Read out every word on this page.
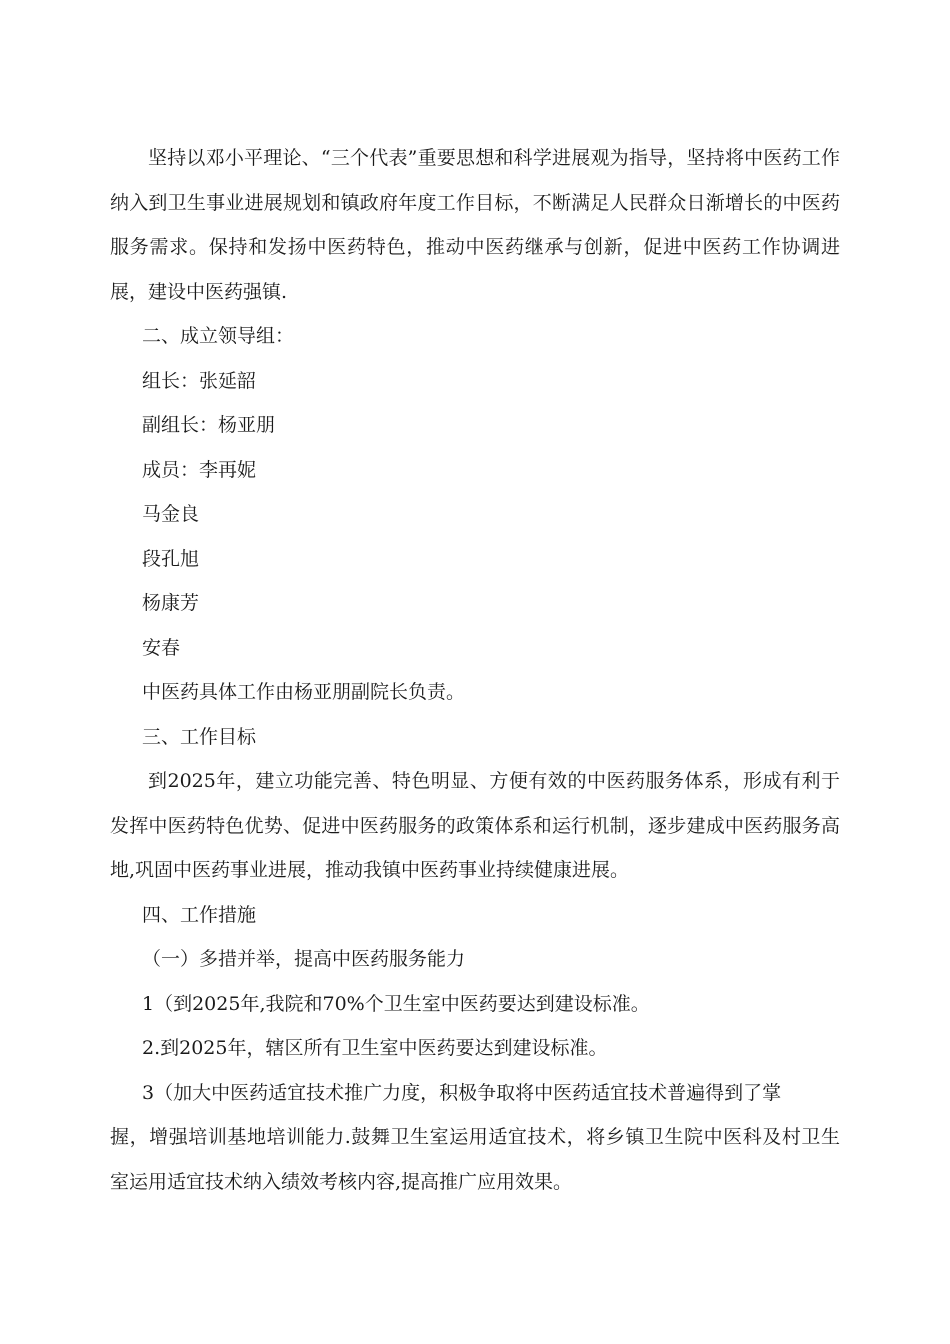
坚持以邓小平理论、“三个代表”重要思想和科学进展观为指导，坚持将中医药工作纳入到卫生事业进展规划和镇政府年度工作目标，不断满足人民群众日渐增长的中医药服务需求。保持和发扬中医药特色，推动中医药继承与创新，促进中医药工作协调进展，建设中医药强镇.

二、成立领导组：

组长：张延韶

副组长：杨亚朋

成员：李再妮

马金良

段孔旭

杨康芳

安春

中医药具体工作由杨亚朋副院长负责。

三、工作目标

到2025年，建立功能完善、特色明显、方便有效的中医药服务体系，形成有利于发挥中医药特色优势、促进中医药服务的政策体系和运行机制，逐步建成中医药服务高地,巩固中医药事业进展，推动我镇中医药事业持续健康进展。

四、工作措施

（一）多措并举，提高中医药服务能力

1（到2025年,我院和70%个卫生室中医药要达到建设标准。

2.到2025年，辖区所有卫生室中医药要达到建设标准。

3（加大中医药适宜技术推广力度，积极争取将中医药适宜技术普遍得到了掌
握，增强培训基地培训能力.鼓舞卫生室运用适宜技术，将乡镇卫生院中医科及村卫生
室运用适宜技术纳入绩效考核内容,提高推广应用效果。
